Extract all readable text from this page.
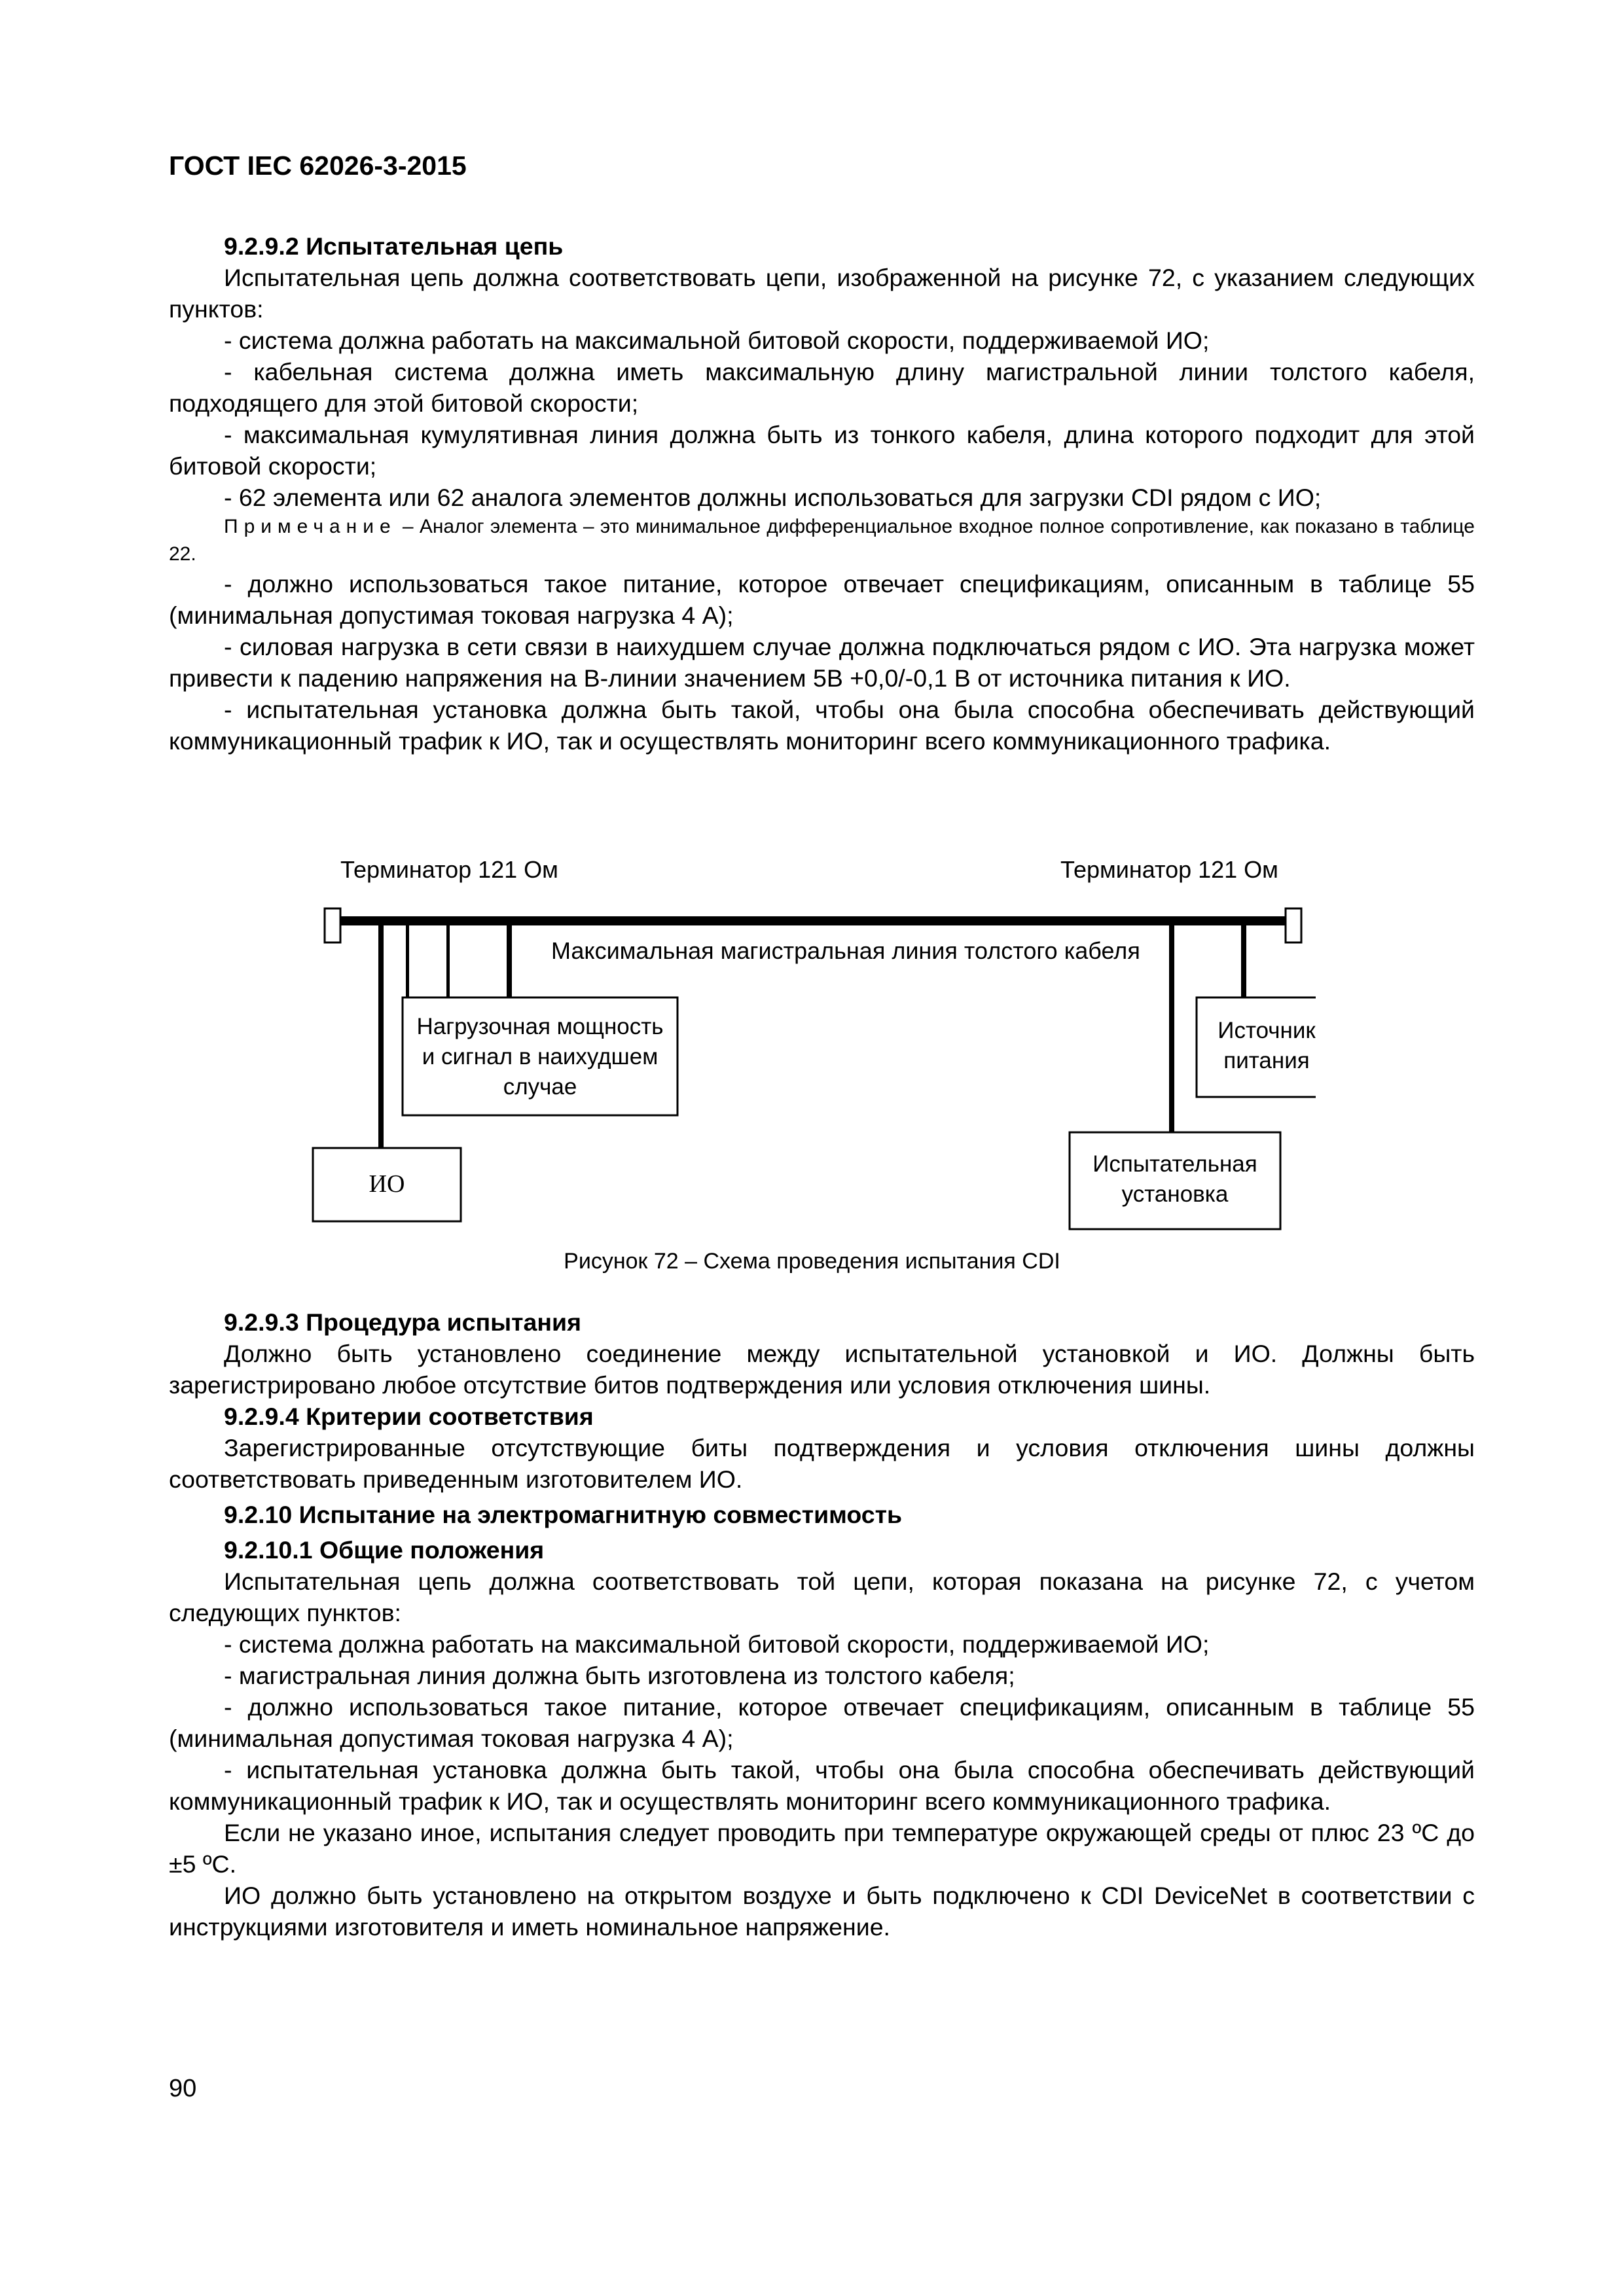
ГОСТ IEC 62026-3-2015

9.2.9.2 Испытательная цепь

Испытательная цепь должна соответствовать цепи, изображенной на рисунке 72, с указанием следующих пунктов:

- система должна работать на максимальной битовой скорости, поддерживаемой ИО;

- кабельная система должна иметь максимальную длину магистральной линии толстого кабеля, подходящего для этой битовой скорости;

- максимальная кумулятивная линия должна быть из тонкого кабеля, длина которого подходит для этой битовой скорости;

- 62 элемента или 62 аналога элементов должны использоваться для загрузки CDI рядом с ИО;

Примечание – Аналог элемента – это минимальное дифференциальное входное полное сопротивление, как показано в таблице 22.

- должно использоваться такое питание, которое отвечает спецификациям, описанным в таблице 55 (минимальная допустимая токовая нагрузка 4 А);

- силовая нагрузка в сети связи в наихудшем случае должна подключаться рядом с ИО. Эта нагрузка может привести к падению напряжения на В-линии значением 5В +0,0/-0,1 В от источника питания к ИО.

- испытательная установка должна быть такой, чтобы она была способна обеспечивать действующий коммуникационный трафик к ИО, так и осуществлять мониторинг всего коммуникационного трафика.

Терминатор 121 Ом	Терминатор 121 Ом
Максимальная магистральная линия толстого кабеля
Нагрузочная мощность
и сигнал в наихудшем
случае
Источник
питания
Испытательная
установка
ИО
Рисунок 72 – Схема проведения испытания CDI

9.2.9.3 Процедура испытания

Должно быть установлено соединение между испытательной установкой и ИО. Должны быть зарегистрировано любое отсутствие битов подтверждения или условия отключения шины.

9.2.9.4 Критерии соответствия

Зарегистрированные отсутствующие биты подтверждения и условия отключения шины должны соответствовать приведенным изготовителем ИО.

9.2.10 Испытание на электромагнитную совместимость

9.2.10.1 Общие положения

Испытательная цепь должна соответствовать той цепи, которая показана на рисунке 72, с учетом следующих пунктов:

- система должна работать на максимальной битовой скорости, поддерживаемой ИО;

- магистральная линия должна быть изготовлена из толстого кабеля;

- должно использоваться такое питание, которое отвечает спецификациям, описанным в таблице 55 (минимальная допустимая токовая нагрузка 4 А);

- испытательная установка должна быть такой, чтобы она была способна обеспечивать действующий коммуникационный трафик к ИО, так и осуществлять мониторинг всего коммуникационного трафика.

Если не указано иное, испытания следует проводить при температуре окружающей среды от плюс 23 ºС до ±5 ºС.

ИО должно быть установлено на открытом воздухе и быть подключено к CDI DeviceNet в соответствии с инструкциями изготовителя и иметь номинальное напряжение.

90
